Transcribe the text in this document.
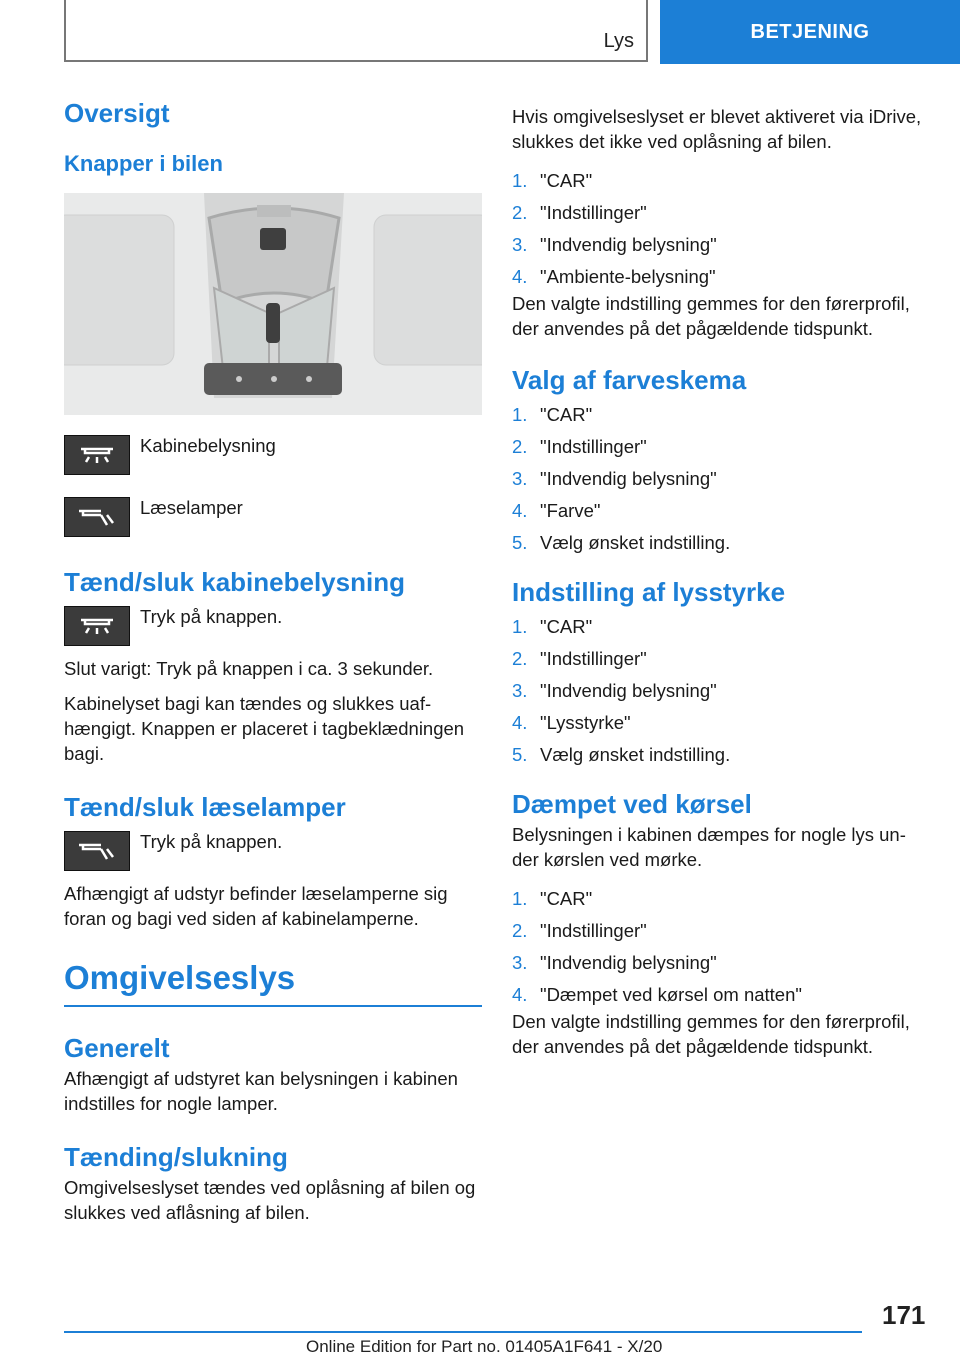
Lys	BETJENING
Oversigt
Knapper i bilen
Kabinebelysning
Læselamper
Tænd/sluk kabinebelysning
Tryk på knappen.

Slut varigt: Tryk på knappen i ca. 3 sekunder.

Kabinelyset bagi kan tændes og slukkes uaf-hængigt. Knappen er placeret i tagbeklædningen bagi.

Tænd/sluk læselamper
Tryk på knappen.

Afhængigt af udstyr befinder læselamperne sig foran og bagi ved siden af kabinelamperne.

Omgivelseslys
Generelt

Afhængigt af udstyret kan belysningen i kabinen indstilles for nogle lamper.

Tænding/slukning

Omgivelseslyset tændes ved oplåsning af bilen og slukkes ved aflåsning af bilen.

Hvis omgivelseslyset er blevet aktiveret via iDrive, slukkes det ikke ved oplåsning af bilen.

1. "CAR"
2. "Indstillinger"
3. "Indvendig belysning"
4. "Ambiente-belysning"

Den valgte indstilling gemmes for den førerprofil, der anvendes på det pågældende tidspunkt.

Valg af farveskema
1. "CAR"
2. "Indstillinger"
3. "Indvendig belysning"
4. "Farve"
5. Vælg ønsket indstilling.
Indstilling af lysstyrke
1. "CAR"
2. "Indstillinger"
3. "Indvendig belysning"
4. "Lysstyrke"
5. Vælg ønsket indstilling.
Dæmpet ved kørsel

Belysningen i kabinen dæmpes for nogle lys un-der kørslen ved mørke.

1. "CAR"
2. "Indstillinger"
3. "Indvendig belysning"
4. "Dæmpet ved kørsel om natten"

Den valgte indstilling gemmes for den førerprofil, der anvendes på det pågældende tidspunkt.

171
Online Edition for Part no. 01405A1F641 - X/20
